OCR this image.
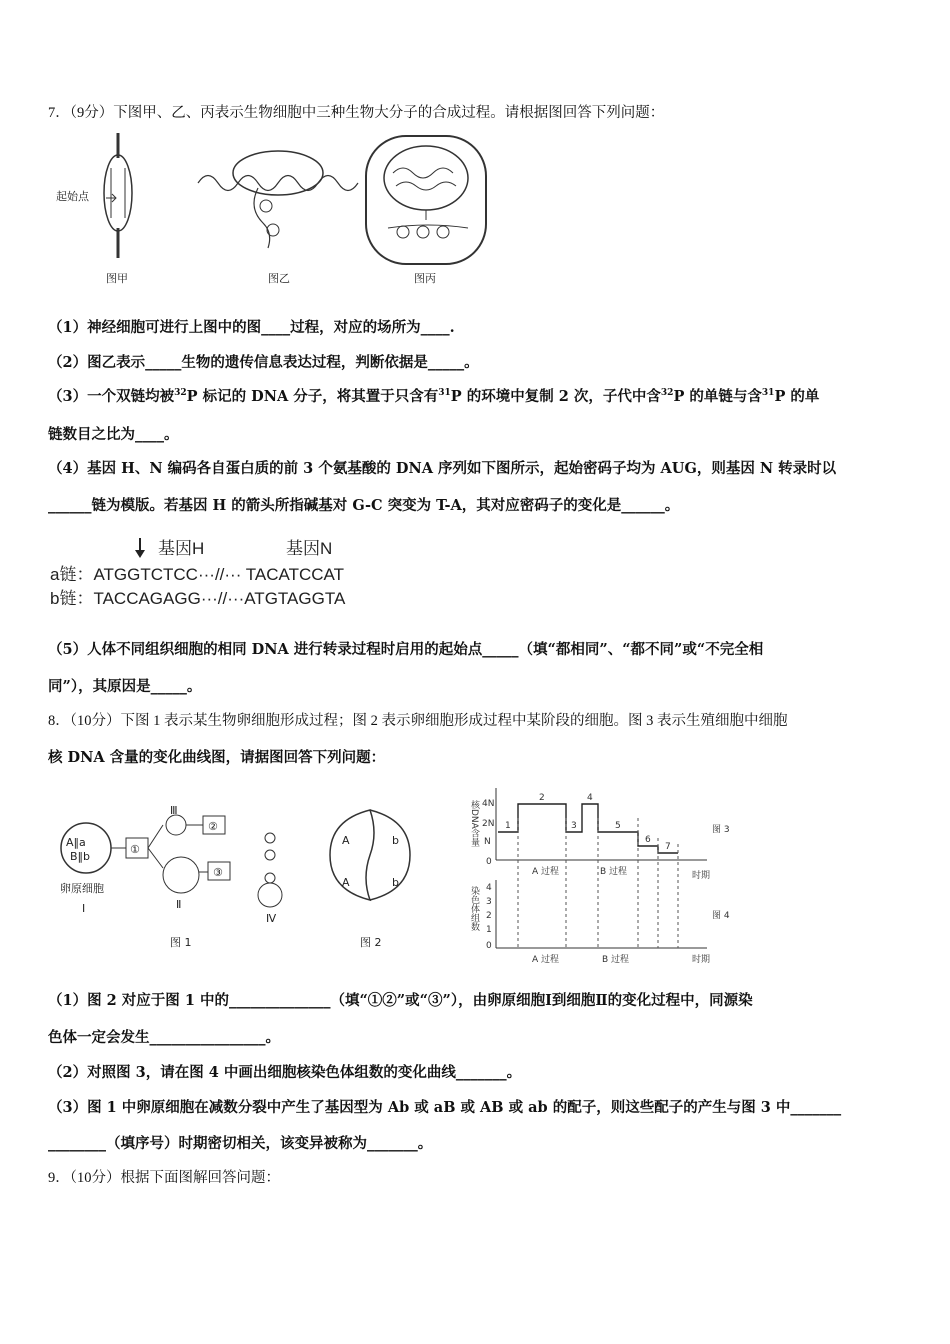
7．（9分）下图甲、乙、丙表示生物细胞中三种生物大分子的合成过程。请根据图回答下列问题：
起始点
图甲	图乙	图丙
（1）神经细胞可进行上图中的图____过程，对应的场所为____.
（2）图乙表示_____生物的遗传信息表达过程，判断依据是_____。
（3）一个双链均被$^{32}$P 标记的 DNA 分子，将其置于只含有$^{31}$P 的环境中复制 2 次，子代中含$^{32}$P 的单链与含$^{31}$P 的单
链数目之比为____。
（4）基因 H、N 编码各自蛋白质的前 3 个氨基酸的 DNA 序列如下图所示，起始密码子均为 AUG，则基因 N 转录时以
______链为模版。若基因 H 的箭头所指碱基对 G-C 突变为 T-A，其对应密码子的变化是______。
基因H	基因N
a链：ATGGTCTCC···//··· TACATCCAT
b链：TACCAGAGG···//···ATGTAGGTA
（5）人体不同组织细胞的相同 DNA 进行转录过程时启用的起始点_____（填“都相同”、“都不同”或“不完全相
同”），其原因是_____。
8．（10分）下图 1 表示某生物卵细胞形成过程；图 2 表示卵细胞形成过程中某阶段的细胞。图 3 表示生殖细胞中细胞
核 DNA 含量的变化曲线图，请据图回答下列问题：
A‖a
B‖b
①
Ⅲ
Ⅱ
②
③
Ⅳ
卵原细胞
Ⅰ
图 1
A	b
A	b
图 2
核DNA含量 4N
2N
N
0
1
2
3
4
5
6
7
A 过程	B 过程	时期
图 3
染色体组数 4
3
2
1
0
A 过程	B 过程	时期
图 4
（1）图 2 对应于图 1 中的______________（填“①②”或“③”），由卵原细胞Ⅰ到细胞Ⅱ的变化过程中，同源染
色体一定会发生________________。
（2）对照图 3，请在图 4 中画出细胞核染色体组数的变化曲线_______。
（3）图 1 中卵原细胞在减数分裂中产生了基因型为 Ab 或 aB 或 AB 或 ab 的配子，则这些配子的产生与图 3 中_______
________（填序号）时期密切相关，该变异被称为_______。
9．（10分）根据下面图解回答问题：
